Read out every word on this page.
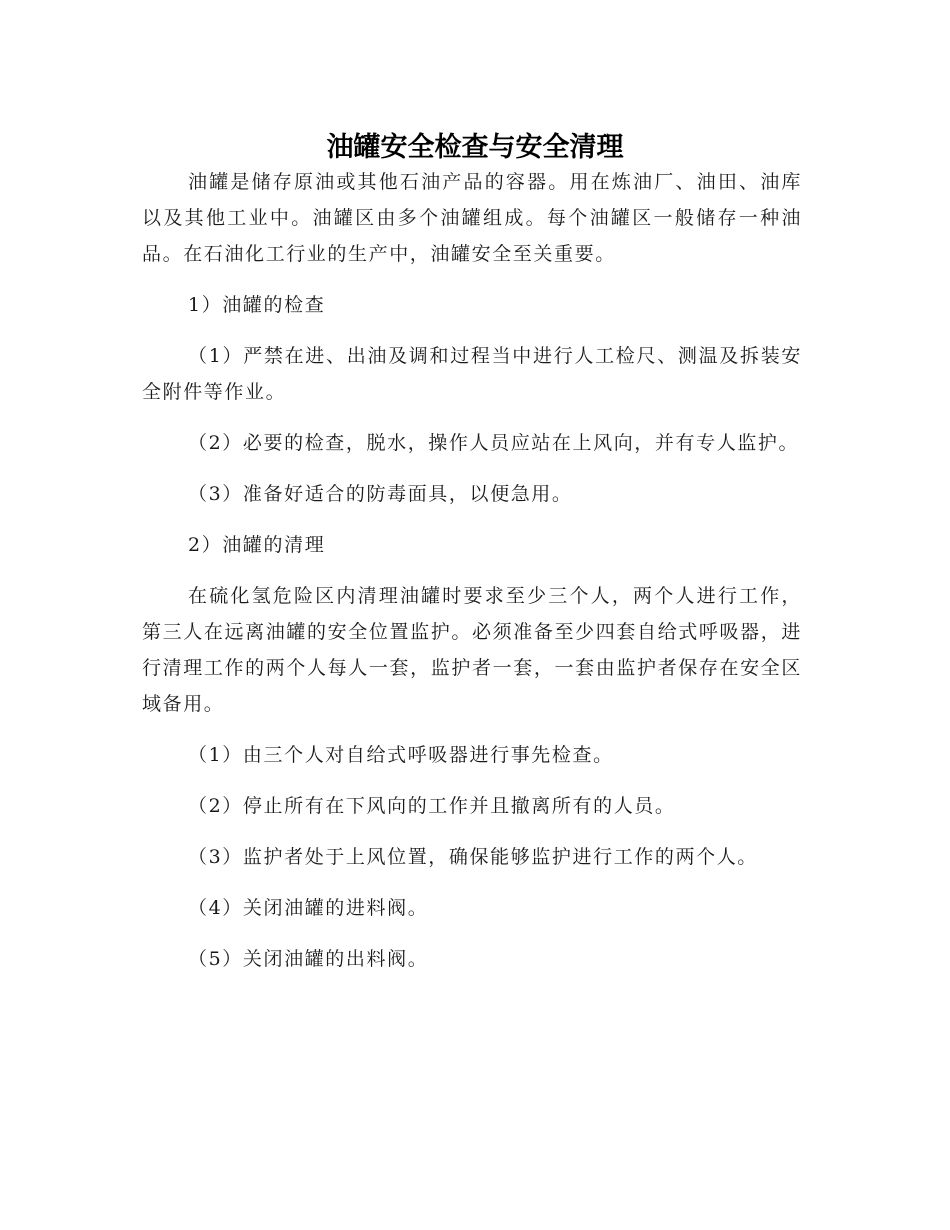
油罐安全检查与安全清理

油罐是储存原油或其他石油产品的容器。用在炼油厂、油田、油库以及其他工业中。油罐区由多个油罐组成。每个油罐区一般储存一种油品。在石油化工行业的生产中，油罐安全至关重要。

1）油罐的检查

（1）严禁在进、出油及调和过程当中进行人工检尺、测温及拆装安全附件等作业。

（2）必要的检查，脱水，操作人员应站在上风向，并有专人监护。

（3）准备好适合的防毒面具，以便急用。

2）油罐的清理

在硫化氢危险区内清理油罐时要求至少三个人，两个人进行工作，第三人在远离油罐的安全位置监护。必须准备至少四套自给式呼吸器，进行清理工作的两个人每人一套，监护者一套，一套由监护者保存在安全区域备用。

（1）由三个人对自给式呼吸器进行事先检查。

（2）停止所有在下风向的工作并且撤离所有的人员。

（3）监护者处于上风位置，确保能够监护进行工作的两个人。

（4）关闭油罐的进料阀。

（5）关闭油罐的出料阀。
